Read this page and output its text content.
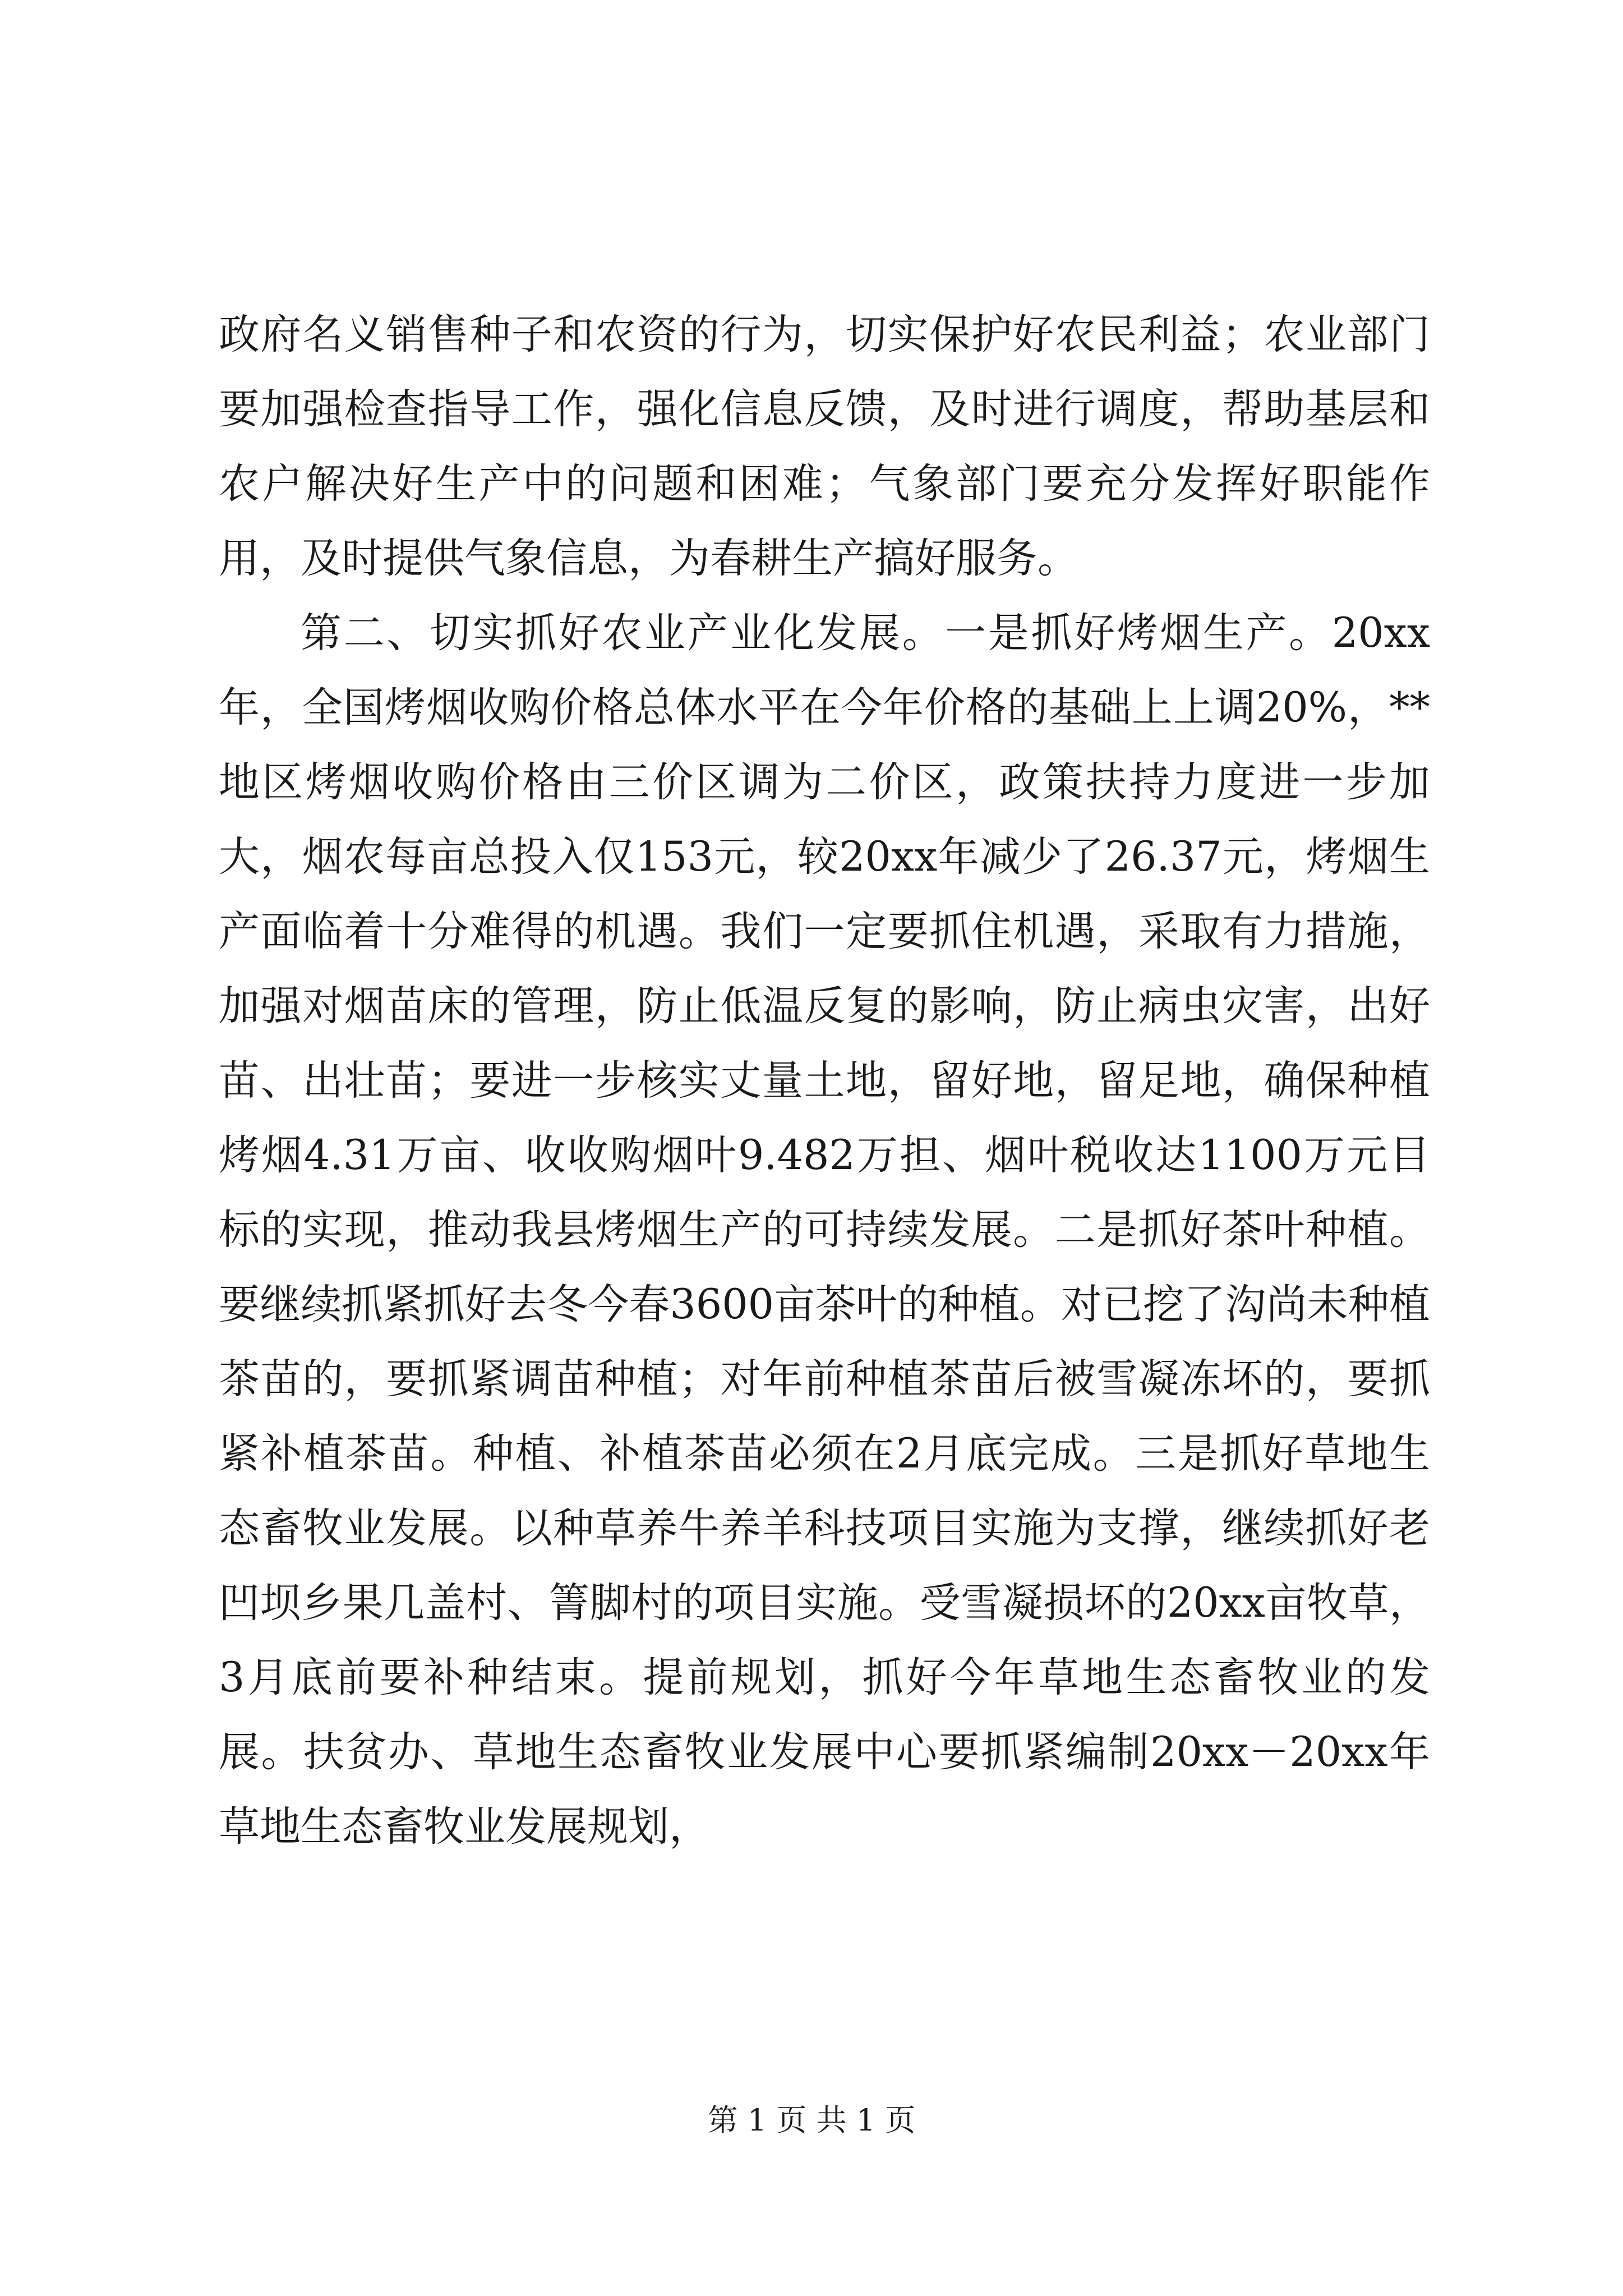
政府名义销售种子和农资的行为，切实保护好农民利益；农业部门要加强检查指导工作，强化信息反馈，及时进行调度，帮助基层和农户解决好生产中的问题和困难；气象部门要充分发挥好职能作用，及时提供气象信息，为春耕生产搞好服务。

第二、切实抓好农业产业化发展。一是抓好烤烟生产。20xx年，全国烤烟收购价格总体水平在今年价格的基础上上调20%，**地区烤烟收购价格由三价区调为二价区，政策扶持力度进一步加大，烟农每亩总投入仅153元，较20xx年减少了26.37元，烤烟生产面临着十分难得的机遇。我们一定要抓住机遇，采取有力措施，加强对烟苗床的管理，防止低温反复的影响，防止病虫灾害，出好苗、出壮苗；要进一步核实丈量土地，留好地，留足地，确保种植烤烟4.31万亩、收收购烟叶9.482万担、烟叶税收达1100万元目标的实现，推动我县烤烟生产的可持续发展。二是抓好茶叶种植。要继续抓紧抓好去冬今春3600亩茶叶的种植。对已挖了沟尚未种植茶苗的，要抓紧调苗种植；对年前种植茶苗后被雪凝冻坏的，要抓紧补植茶苗。种植、补植茶苗必须在2月底完成。三是抓好草地生态畜牧业发展。以种草养牛养羊科技项目实施为支撑，继续抓好老凹坝乡果几盖村、箐脚村的项目实施。受雪凝损坏的20xx亩牧草，3月底前要补种结束。提前规划，抓好今年草地生态畜牧业的发展。扶贫办、草地生态畜牧业发展中心要抓紧编制20xx－20xx年草地生态畜牧业发展规划，

第 1 页 共 1 页
